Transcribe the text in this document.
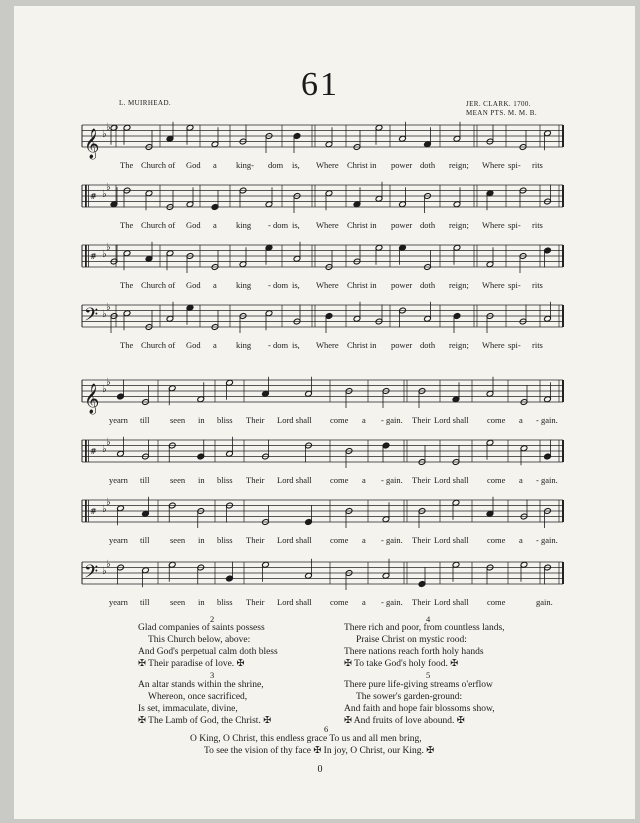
61
L. MUIRHEAD.	JER. CLARK. 1700.
MEAN PTS. M. M. B.
𝄞 ♭
♭
# ♭
♭
# ♭
♭
𝄢 ♭
♭
𝄞 ♭
♭
# ♭
♭
# ♭
♭
𝄢 ♭
♭
The Church of God a king- dom is, Where Christ in power doth reign; Where spi- rits
The Church of God a king - dom is, Where Christ in power doth reign; Where spi- rits
The Church of God a king - dom is, Where Christ in power doth reign; Where spi- rits
The Church of God a king - dom is, Where Christ in power doth reign; Where spi- rits
yearn till seen in bliss Their Lord shall come a - gain. Their Lord shall come a - gain.
yearn till seen in bliss Their Lord shall come a - gain. Their Lord shall come a - gain.
yearn till seen in bliss Their Lord shall come a - gain. Their Lord shall come a - gain.
yearn till seen in bliss Their Lord shall come a - gain. Their Lord shall come	gain.
2
Glad companies of saints possess
This Church below, above:
And God's perpetual calm doth bless
✠ Their paradise of love. ✠
3
An altar stands within the shrine,
Whereon, once sacrificed,
Is set, immaculate, divine,
✠ The Lamb of God, the Christ. ✠
4
There rich and poor, from countless lands,
Praise Christ on mystic rood:
There nations reach forth holy hands
✠ To take God's holy food. ✠
5
There pure life-giving streams o'erflow
The sower's garden-ground:
And faith and hope fair blossoms show,
✠ And fruits of love abound. ✠
6
O King, O Christ, this endless grace To us and all men bring,
To see the vision of thy face ✠ In joy, O Christ, our King. ✠
0
